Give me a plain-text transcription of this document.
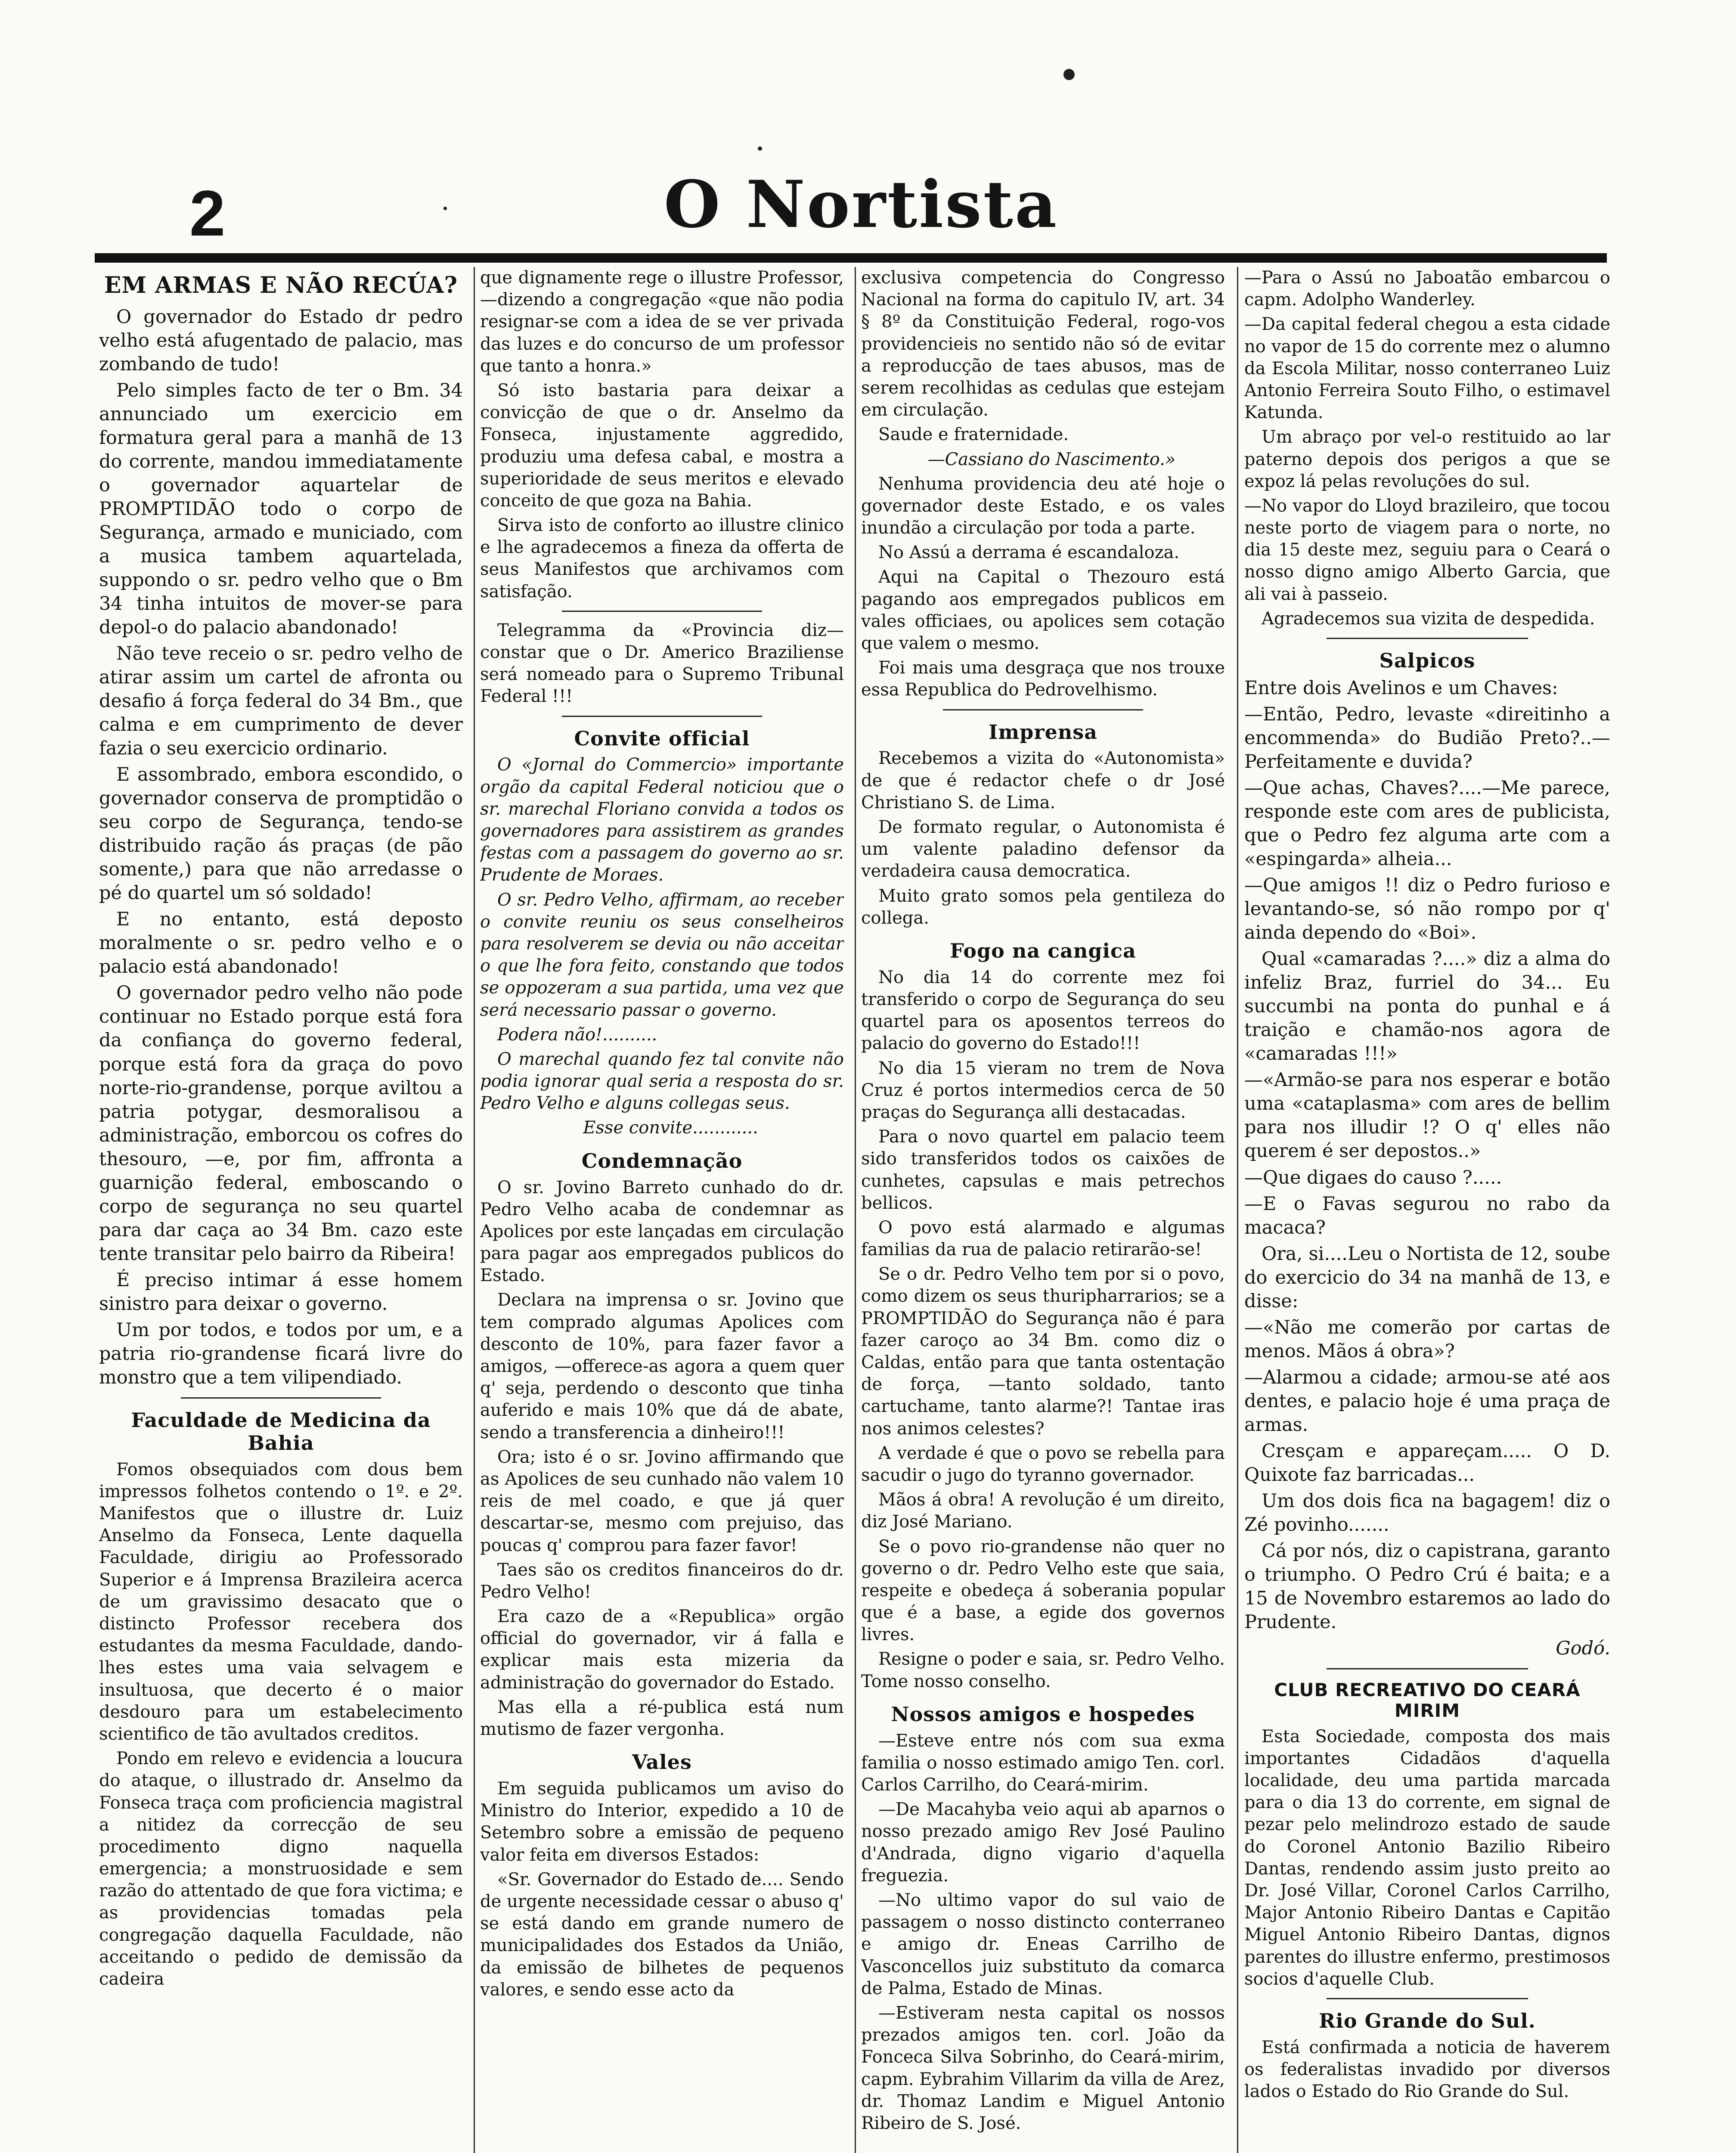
2	O Nortista
EM ARMAS E NÃO RECÚA?

O governador do Estado dr pedro velho está afugentado de palacio, mas zombando de tudo!

Pelo simples facto de ter o Bm. 34 annunciado um exercicio em formatura geral para a manhã de 13 do corrente, mandou immediatamente o governador aquartelar de PROMPTIDÃO todo o corpo de Segurança, armado e municiado, com a musica tambem aquartelada, suppondo o sr. pedro velho que o Bm 34 tinha intuitos de mover-se para depol-o do palacio abandonado!

Não teve receio o sr. pedro velho de atirar assim um cartel de afronta ou desafio á força federal do 34 Bm., que calma e em cumprimento de dever fazia o seu exercicio ordinario.

E assombrado, embora escondido, o governador conserva de promptidão o seu corpo de Segurança, tendo-se distribuido ração ás praças (de pão somente,) para que não arredasse o pé do quartel um só soldado!

E no entanto, está deposto moralmente o sr. pedro velho e o palacio está abandonado!

O governador pedro velho não pode continuar no Estado porque está fora da confiança do governo federal, porque está fora da graça do povo norte-rio-grandense, porque aviltou a patria potygar, desmoralisou a administração, emborcou os cofres do thesouro, —e, por fim, affronta a guarnição federal, emboscando o corpo de segurança no seu quartel para dar caça ao 34 Bm. cazo este tente transitar pelo bairro da Ribeira!

É preciso intimar á esse homem sinistro para deixar o governo.

Um por todos, e todos por um, e a patria rio-grandense ficará livre do monstro que a tem vilipendiado.

Faculdade de Medicina da Bahia

Fomos obsequiados com dous bem impressos folhetos contendo o 1º. e 2º. Manifestos que o illustre dr. Luiz Anselmo da Fonseca, Lente daquella Faculdade, dirigiu ao Professorado Superior e á Imprensa Brazileira acerca de um gravissimo desacato que o distincto Professor recebera dos estudantes da mesma Faculdade, dando-lhes estes uma vaia selvagem e insultuosa, que decerto é o maior desdouro para um estabelecimento scientifico de tão avultados creditos.

Pondo em relevo e evidencia a loucura do ataque, o illustrado dr. Anselmo da Fonseca traça com proficiencia magistral a nitidez da correcção de seu procedimento digno naquella emergencia; a monstruosidade e sem razão do attentado de que fora victima; e as providencias tomadas pela congregação daquella Faculdade, não acceitando o pedido de demissão da cadeira

que dignamente rege o illustre Professor, —dizendo a congregação «que não podia resignar-se com a idea de se ver privada das luzes e do concurso de um professor que tanto a honra.»

Só isto bastaria para deixar a convicção de que o dr. Anselmo da Fonseca, injustamente aggredido, produziu uma defesa cabal, e mostra a superioridade de seus meritos e elevado conceito de que goza na Bahia.

Sirva isto de conforto ao illustre clinico e lhe agradecemos a fineza da offerta de seus Manifestos que archivamos com satisfação.

Telegramma da «Provincia diz—constar que o Dr. Americo Braziliense será nomeado para o Supremo Tribunal Federal !!!

Convite official

O «Jornal do Commercio» importante orgão da capital Federal noticiou que o sr. marechal Floriano convida a todos os governadores para assistirem as grandes festas com a passagem do governo ao sr. Prudente de Moraes.

O sr. Pedro Velho, affirmam, ao receber o convite reuniu os seus conselheiros para resolverem se devia ou não acceitar o que lhe fora feito, constando que todos se oppozeram a sua partida, uma vez que será necessario passar o governo.

Podera não!..........

O marechal quando fez tal convite não podia ignorar qual seria a resposta do sr. Pedro Velho e alguns collegas seus.

Esse convite............

Condemnação

O sr. Jovino Barreto cunhado do dr. Pedro Velho acaba de condemnar as Apolices por este lançadas em circulação para pagar aos empregados publicos do Estado.

Declara na imprensa o sr. Jovino que tem comprado algumas Apolices com desconto de 10%, para fazer favor a amigos, —offerece-as agora a quem quer q' seja, perdendo o desconto que tinha auferido e mais 10% que dá de abate, sendo a transferencia a dinheiro!!!

Ora; isto é o sr. Jovino affirmando que as Apolices de seu cunhado não valem 10 reis de mel coado, e que já quer descartar-se, mesmo com prejuiso, das poucas q' comprou para fazer favor!

Taes são os creditos financeiros do dr. Pedro Velho!

Era cazo de a «Republica» orgão official do governador, vir á falla e explicar mais esta mizeria da administração do governador do Estado.

Mas ella a ré-publica está num mutismo de fazer vergonha.

Vales

Em seguida publicamos um aviso do Ministro do Interior, expedido a 10 de Setembro sobre a emissão de pequeno valor feita em diversos Estados:

«Sr. Governador do Estado de.... Sendo de urgente necessidade cessar o abuso q' se está dando em grande numero de municipalidades dos Estados da União, da emissão de bilhetes de pequenos valores, e sendo esse acto da

exclusiva competencia do Congresso Nacional na forma do capitulo IV, art. 34 § 8º da Constituição Federal, rogo-vos providencieis no sentido não só de evitar a reproducção de taes abusos, mas de serem recolhidas as cedulas que estejam em circulação.

Saude e fraternidade.

—Cassiano do Nascimento.»

Nenhuma providencia deu até hoje o governador deste Estado, e os vales inundão a circulação por toda a parte.

No Assú a derrama é escandaloza.

Aqui na Capital o Thezouro está pagando aos empregados publicos em vales officiaes, ou apolices sem cotação que valem o mesmo.

Foi mais uma desgraça que nos trouxe essa Republica do Pedrovelhismo.

Imprensa

Recebemos a vizita do «Autonomista» de que é redactor chefe o dr José Christiano S. de Lima.

De formato regular, o Autonomista é um valente paladino defensor da verdadeira causa democratica.

Muito grato somos pela gentileza do collega.

Fogo na cangica

No dia 14 do corrente mez foi transferido o corpo de Segurança do seu quartel para os aposentos terreos do palacio do governo do Estado!!!

No dia 15 vieram no trem de Nova Cruz é portos intermedios cerca de 50 praças do Segurança alli destacadas.

Para o novo quartel em palacio teem sido transferidos todos os caixões de cunhetes, capsulas e mais petrechos bellicos.

O povo está alarmado e algumas familias da rua de palacio retirarão-se!

Se o dr. Pedro Velho tem por si o povo, como dizem os seus thuripharrarios; se a PROMPTIDÃO do Segurança não é para fazer caroço ao 34 Bm. como diz o Caldas, então para que tanta ostentação de força, —tanto soldado, tanto cartuchame, tanto alarme?! Tantae iras nos animos celestes?

A verdade é que o povo se rebella para sacudir o jugo do tyranno governador.

Mãos á obra! A revolução é um direito, diz José Mariano.

Se o povo rio-grandense não quer no governo o dr. Pedro Velho este que saia, respeite e obedeça á soberania popular que é a base, a egide dos governos livres.

Resigne o poder e saia, sr. Pedro Velho. Tome nosso conselho.

Nossos amigos e hospedes

—Esteve entre nós com sua exma familia o nosso estimado amigo Ten. corl. Carlos Carrilho, do Ceará-mirim.

—De Macahyba veio aqui ab aparnos o nosso prezado amigo Rev José Paulino d'Andrada, digno vigario d'aquella freguezia.

—No ultimo vapor do sul vaio de passagem o nosso distincto conterraneo e amigo dr. Eneas Carrilho de Vasconcellos juiz substituto da comarca de Palma, Estado de Minas.

—Estiveram nesta capital os nossos prezados amigos ten. corl. João da Fonceca Silva Sobrinho, do Ceará-mirim, capm. Eybrahim Villarim da villa de Arez, dr. Thomaz Landim e Miguel Antonio Ribeiro de S. José.

—Para o Assú no Jaboatão embarcou o capm. Adolpho Wanderley.

—Da capital federal chegou a esta cidade no vapor de 15 do corrente mez o alumno da Escola Militar, nosso conterraneo Luiz Antonio Ferreira Souto Filho, o estimavel Katunda.

Um abraço por vel-o restituido ao lar paterno depois dos perigos a que se expoz lá pelas revoluções do sul.

—No vapor do Lloyd brazileiro, que tocou neste porto de viagem para o norte, no dia 15 deste mez, seguiu para o Ceará o nosso digno amigo Alberto Garcia, que ali vai à passeio.

Agradecemos sua vizita de despedida.

Salpicos

Entre dois Avelinos e um Chaves:

—Então, Pedro, levaste «direitinho a encommenda» do Budião Preto?..—Perfeitamente e duvida?

—Que achas, Chaves?....—Me parece, responde este com ares de publicista, que o Pedro fez alguma arte com a «espingarda» alheia...

—Que amigos !! diz o Pedro furioso e levantando-se, só não rompo por q' ainda dependo do «Boi».

Qual «camaradas ?....» diz a alma do infeliz Braz, furriel do 34... Eu succumbi na ponta do punhal e á traição e chamão-nos agora de «camaradas !!!»

—«Armão-se para nos esperar e botão uma «cataplasma» com ares de bellim para nos illudir !? O q' elles não querem é ser depostos..»

—Que digaes do causo ?.....

—E o Favas segurou no rabo da macaca?

Ora, si....Leu o Nortista de 12, soube do exercicio do 34 na manhã de 13, e disse:

—«Não me comerão por cartas de menos. Mãos á obra»?

—Alarmou a cidade; armou-se até aos dentes, e palacio hoje é uma praça de armas.

Cresçam e appareçam..... O D. Quixote faz barricadas...

Um dos dois fica na bagagem! diz o Zé povinho.......

Cá por nós, diz o capistrana, garanto o triumpho. O Pedro Crú é baita; e a 15 de Novembro estaremos ao lado do Prudente.

Godó.

CLUB RECREATIVO DO CEARÁ MIRIM

Esta Sociedade, composta dos mais importantes Cidadãos d'aquella localidade, deu uma partida marcada para o dia 13 do corrente, em signal de pezar pelo melindrozo estado de saude do Coronel Antonio Bazilio Ribeiro Dantas, rendendo assim justo preito ao Dr. José Villar, Coronel Carlos Carrilho, Major Antonio Ribeiro Dantas e Capitão Miguel Antonio Ribeiro Dantas, dignos parentes do illustre enfermo, prestimosos socios d'aquelle Club.

Rio Grande do Sul.

Está confirmada a noticia de haverem os federalistas invadido por diversos lados o Estado do Rio Grande do Sul.
